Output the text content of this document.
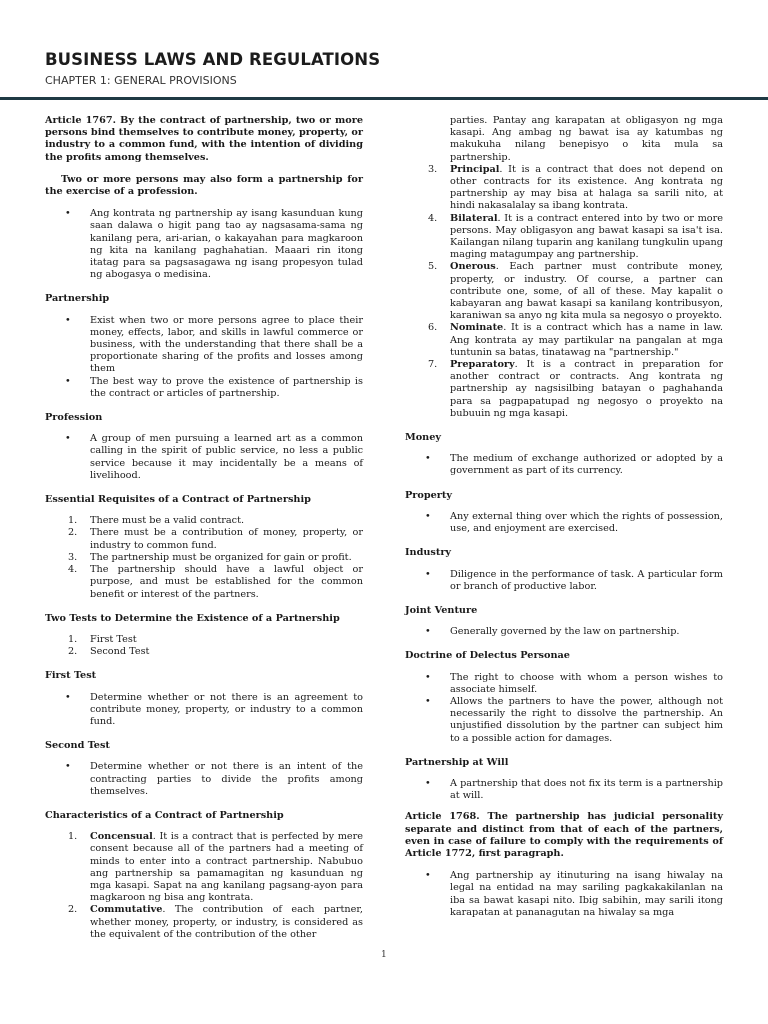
BUSINESS LAWS AND REGULATIONS
CHAPTER 1: GENERAL PROVISIONS

Article 1767. By the contract of partnership, two or more persons bind themselves to contribute money, property, or industry to a common fund, with the intention of dividing the profits among themselves.

Two or more persons may also form a partnership for the exercise of a profession.

• Ang kontrata ng partnership ay isang kasunduan kung saan dalawa o higit pang tao ay nagsasama-sama ng kanilang pera, ari-arian, o kakayahan para magkaroon ng kita na kanilang paghahatian. Maaari rin itong itatag para sa pagsasagawa ng isang propesyon tulad ng abogasya o medisina.
Partnership
• Exist when two or more persons agree to place their money, effects, labor, and skills in lawful commerce or business, with the understanding that there shall be a proportionate sharing of the profits and losses among them
• The best way to prove the existence of partnership is the contract or articles of partnership.
Profession
• A group of men pursuing a learned art as a common calling in the spirit of public service, no less a public service because it may incidentally be a means of livelihood.
Essential Requisites of a Contract of Partnership
1. There must be a valid contract.
2. There must be a contribution of money, property, or industry to common fund.
3. The partnership must be organized for gain or profit.
4. The partnership should have a lawful object or purpose, and must be established for the common benefit or interest of the partners.
Two Tests to Determine the Existence of a Partnership
1. First Test
2. Second Test
First Test
• Determine whether or not there is an agreement to contribute money, property, or industry to a common fund.
Second Test
• Determine whether or not there is an intent of the contracting parties to divide the profits among themselves.
Characteristics of a Contract of Partnership
1. Concensual. It is a contract that is perfected by mere consent because all of the partners had a meeting of minds to enter into a contract partnership. Nabubuo ang partnership sa pamamagitan ng kasunduan ng mga kasapi. Sapat na ang kanilang pagsang-ayon para magkaroon ng bisa ang kontrata.
2. Commutative. The contribution of each partner, whether money, property, or industry, is considered as the equivalent of the contribution of the other
parties. Pantay ang karapatan at obligasyon ng mga kasapi. Ang ambag ng bawat isa ay katumbas ng makukuha nilang benepisyo o kita mula sa partnership.
3. Principal. It is a contract that does not depend on other contracts for its existence. Ang kontrata ng partnership ay may bisa at halaga sa sarili nito, at hindi nakasalalay sa ibang kontrata.
4. Bilateral. It is a contract entered into by two or more persons. May obligasyon ang bawat kasapi sa isa't isa. Kailangan nilang tuparin ang kanilang tungkulin upang maging matagumpay ang partnership.
5. Onerous. Each partner must contribute money, property, or industry. Of course, a partner can contribute one, some, of all of these. May kapalit o kabayaran ang bawat kasapi sa kanilang kontribusyon, karaniwan sa anyo ng kita mula sa negosyo o proyekto.
6. Nominate. It is a contract which has a name in law. Ang kontrata ay may partikular na pangalan at mga tuntunin sa batas, tinatawag na "partnership."
7. Preparatory. It is a contract in preparation for another contract or contracts. Ang kontrata ng partnership ay nagsisilbing batayan o paghahanda para sa pagpapatupad ng negosyo o proyekto na bubuuin ng mga kasapi.
Money
• The medium of exchange authorized or adopted by a government as part of its currency.
Property
• Any external thing over which the rights of possession, use, and enjoyment are exercised.
Industry
• Diligence in the performance of task. A particular form or branch of productive labor.
Joint Venture
• Generally governed by the law on partnership.
Doctrine of Delectus Personae
• The right to choose with whom a person wishes to associate himself.
• Allows the partners to have the power, although not necessarily the right to dissolve the partnership. An unjustified dissolution by the partner can subject him to a possible action for damages.
Partnership at Will
• A partnership that does not fix its term is a partnership at will.

Article 1768. The partnership has judicial personality separate and distinct from that of each of the partners, even in case of failure to comply with the requirements of Article 1772, first paragraph.

• Ang partnership ay itinuturing na isang hiwalay na legal na entidad na may sariling pagkakakilanlan na iba sa bawat kasapi nito. Ibig sabihin, may sarili itong karapatan at pananagutan na hiwalay sa mga
1
